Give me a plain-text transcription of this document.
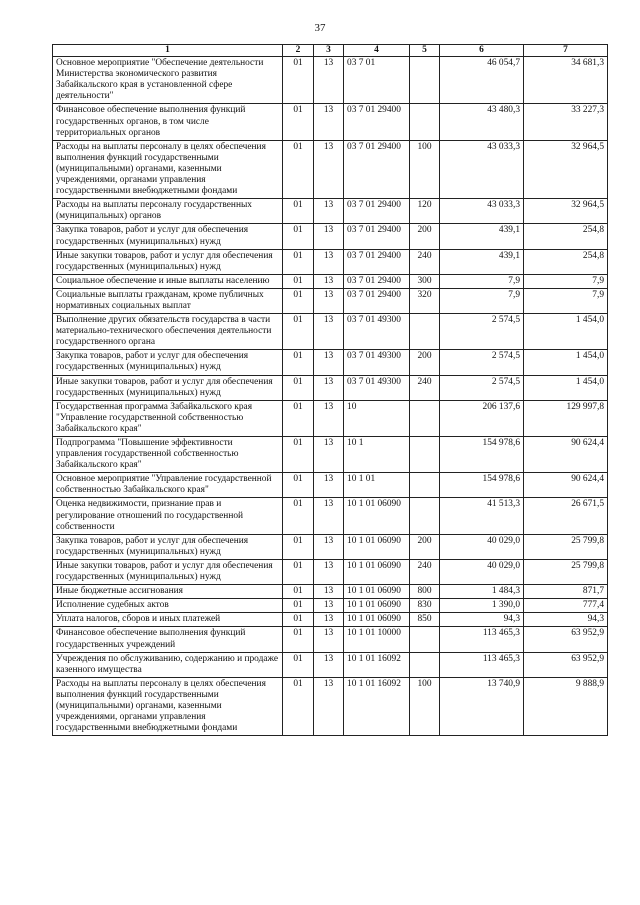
37
1	2	3	4	5	6	7
Основное мероприятие "Обеспечение деятельности Министерства экономического развития Забайкальского края в установленной сфере деятельности"	01	13	03 7 01		46 054,7	34 681,3
Финансовое обеспечение выполнения функций государственных органов, в том числе территориальных органов	01	13	03 7 01 29400		43 480,3	33 227,3
Расходы на выплаты персоналу в целях обеспечения выполнения функций государственными (муниципальными) органами, казенными учреждениями, органами управления государственными внебюджетными фондами	01	13	03 7 01 29400	100	43 033,3	32 964,5
Расходы на выплаты персоналу государственных (муниципальных) органов	01	13	03 7 01 29400	120	43 033,3	32 964,5
Закупка товаров, работ и услуг для обеспечения государственных (муниципальных) нужд	01	13	03 7 01 29400	200	439,1	254,8
Иные закупки товаров, работ и услуг для обеспечения государственных (муниципальных) нужд	01	13	03 7 01 29400	240	439,1	254,8
Социальное обеспечение и иные выплаты населению	01	13	03 7 01 29400	300	7,9	7,9
Социальные выплаты гражданам, кроме публичных нормативных социальных выплат	01	13	03 7 01 29400	320	7,9	7,9
Выполнение других обязательств государства в части материально-технического обеспечения деятельности государственного органа	01	13	03 7 01 49300		2 574,5	1 454,0
Закупка товаров, работ и услуг для обеспечения государственных (муниципальных) нужд	01	13	03 7 01 49300	200	2 574,5	1 454,0
Иные закупки товаров, работ и услуг для обеспечения государственных (муниципальных) нужд	01	13	03 7 01 49300	240	2 574,5	1 454,0
Государственная программа Забайкальского края "Управление государственной собственностью Забайкальского края"	01	13	10		206 137,6	129 997,8
Подпрограмма "Повышение эффективности управления государственной собственностью Забайкальского края"	01	13	10 1		154 978,6	90 624,4
Основное мероприятие "Управление государственной собственностью Забайкальского края"	01	13	10 1 01		154 978,6	90 624,4
Оценка недвижимости, признание прав и регулирование отношений по государственной собственности	01	13	10 1 01 06090		41 513,3	26 671,5
Закупка товаров, работ и услуг для обеспечения государственных (муниципальных) нужд	01	13	10 1 01 06090	200	40 029,0	25 799,8
Иные закупки товаров, работ и услуг для обеспечения государственных (муниципальных) нужд	01	13	10 1 01 06090	240	40 029,0	25 799,8
Иные бюджетные ассигнования	01	13	10 1 01 06090	800	1 484,3	871,7
Исполнение судебных актов	01	13	10 1 01 06090	830	1 390,0	777,4
Уплата налогов, сборов и иных платежей	01	13	10 1 01 06090	850	94,3	94,3
Финансовое обеспечение выполнения функций государственных учреждений	01	13	10 1 01 10000		113 465,3	63 952,9
Учреждения по обслуживанию, содержанию и продаже казенного имущества	01	13	10 1 01 16092		113 465,3	63 952,9
Расходы на выплаты персоналу в целях обеспечения выполнения функций государственными (муниципальными) органами, казенными учреждениями, органами управления государственными внебюджетными фондами	01	13	10 1 01 16092	100	13 740,9	9 888,9
